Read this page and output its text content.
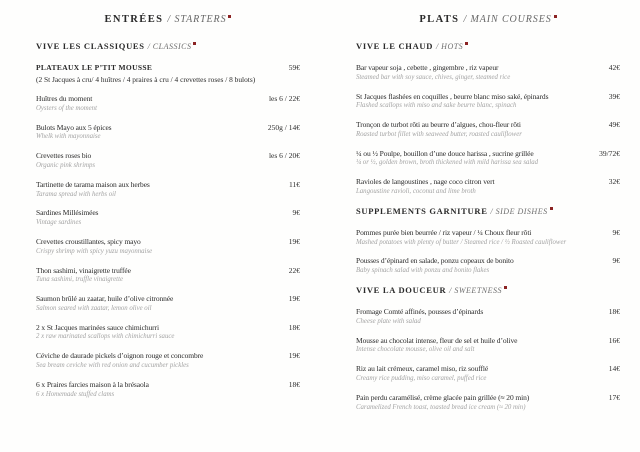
ENTRÉES / STARTERS
VIVE LES CLASSIQUES / CLASSICS
PLATEAUX LE P’TIT MOUSSE	59€
(2 St Jacques à cru/ 4 huîtres / 4 praires à cru / 4 crevettes roses / 8 bulots)
Huîtres du moment	les 6 / 22€
Oysters of the moment
Bulots Mayo aux 5 épices	250g / 14€
Whelk with mayonnaise
Crevettes roses bio	les 6 / 20€
Organic pink shrimps
Tartinette de tarama maison aux herbes	11€
Tarama spread with herbs oil
Sardines Millésimées	9€
Vintage sardines
Crevettes croustillantes, spicy mayo	19€
Crispy shrimp with spicy yuzu mayonnaise
Thon sashimi, vinaigrette truffée	22€
Tuna sashimi, truffle vinaigrette
Saumon brûlé au zaatar, huile d’olive citronnée	19€
Salmon seared with zaatar, lemon olive oil
2 x St Jacques marinées sauce chimichurri	18€
2 x raw marinated scallops with chimichurri sauce
Céviche de daurade pickels d’oignon rouge et concombre	19€
Sea bream ceviche with red onion and cucumber pickles
6 x Praires farcies maison à la brésaola	18€
6 x Homemade stuffed clams
PLATS / MAIN COURSES
VIVE LE CHAUD / HOTS
Bar vapeur soja , cebette , gingembre , riz vapeur	42€
Steamed bar with soy sauce, chives, ginger, steamed rice
St Jacques flashées en coquilles , beurre blanc miso saké, épinards	39€
Flashed scallops with miso and sake beurre blanc, spinach
Tronçon de turbot rôti au beurre d’algues, chou-fleur rôti	49€
Roasted turbot fillet with seaweed butter, roasted cauliflower
¼ ou ½ Poulpe, bouillon d’une douce harissa , sucrine grillée	39/72€
¼ or ½, golden brown, broth thickened with mild harissa sea salad
Ravioles de langoustines , nage coco citron vert	32€
Langoustine ravioli, coconut and lime broth
SUPPLEMENTS GARNITURE / SIDE DISHES
Pommes purée bien beurrée / riz vapeur / ¼ Choux fleur rôti	9€
Mashed potatoes with plenty of butter / Steamed rice / ½ Roasted cauliflower
Pousses d’épinard en salade, ponzu copeaux de bonito	9€
Baby spinach salad with ponzu and bonito flakes
VIVE LA DOUCEUR / SWEETNESS
Fromage Comté affinés, pousses d’épinards	18€
Cheese plate with salad
Mousse au chocolat intense, fleur de sel et huile d’olive	16€
Intense chocolate mousse, olive oil and salt
Riz au lait crémeux, caramel miso, riz soufflé	14€
Creamy rice pudding, miso caramel, puffed rice
Pain perdu caramélisé, crème glacée pain grillée (≈ 20 min)	17€
Caramelized French toast, toasted bread ice cream (≈ 20 min)
